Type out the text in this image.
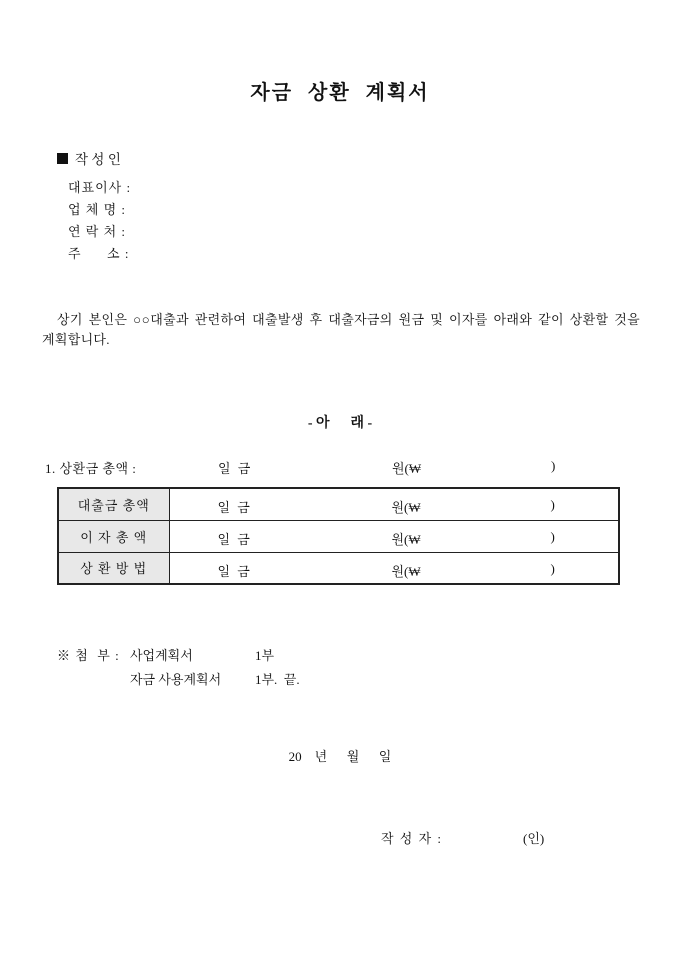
자금 상환 계획서
작 성 인
대표이사 :
업 체 명 :
연 락 처 :
주      소 :

상기 본인은 ○○대출과 관련하여 대출발생 후 대출자금의 원금 및 이자를 아래와 같이 상환할 것을 계획합니다.

- 아      래 -
1. 상환금 총액 :	일 금	원(₩	)
대출금 총액	일 금 원(₩ )

이 자 총 액	일 금 원(₩ )

상 환 방 법	일 금 원(₩ )
※ 첨  부 : 사업계획서	1부
자금 사용계획서	1부.  끝.
20    년      월      일
작 성 자 :	(인)
